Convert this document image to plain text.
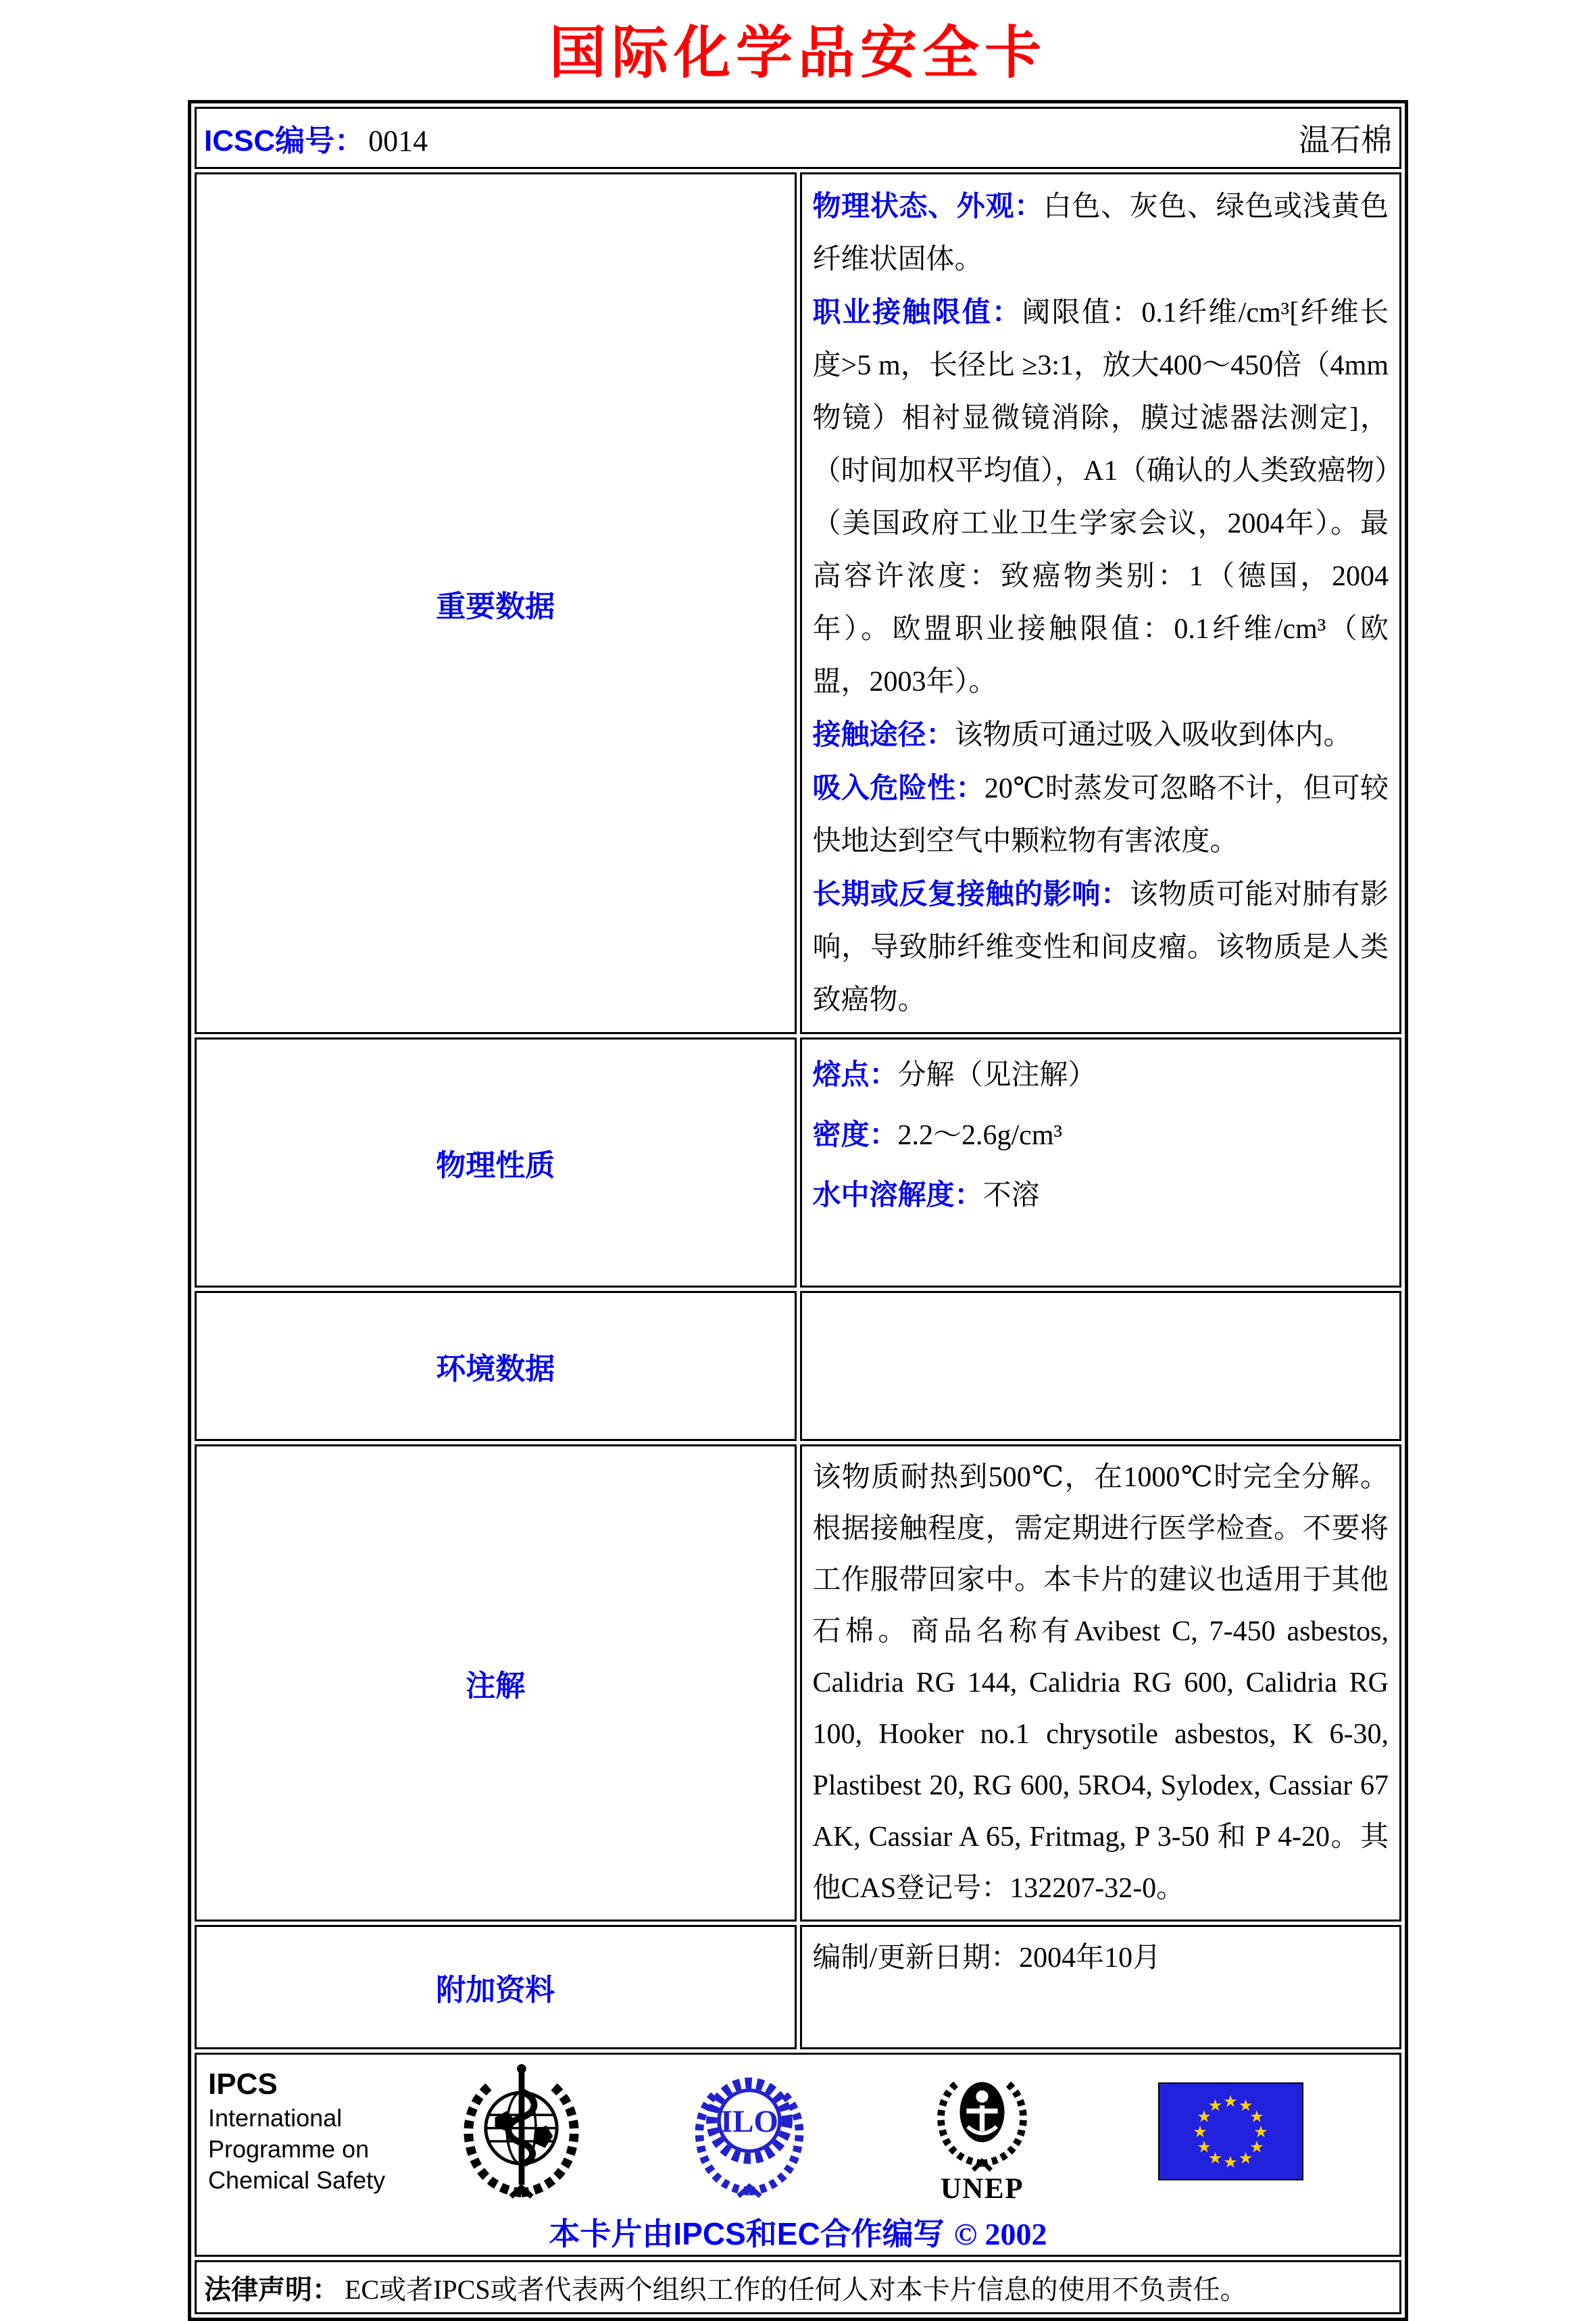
国际化学品安全卡
ICSC编号： 0014 温石棉	

重要数据	物理状态、外观：白色、灰色、绿色或浅黄色纤维状固体。

职业接触限值：阈限值：0.1纤维/cm³[纤维长度>5 m，长径比 ≥3:1，放大400～450倍（4mm物镜）相衬显微镜消除，膜过滤器法测定]，（时间加权平均值），A1（确认的人类致癌物）（美国政府工业卫生学家会议，2004年）。最高容许浓度：致癌物类别：1（德国，2004年）。欧盟职业接触限值：0.1纤维/cm³（欧盟，2003年）。

接触途径：该物质可通过吸入吸收到体内。

吸入危险性：20℃时蒸发可忽略不计，但可较快地达到空气中颗粒物有害浓度。

长期或反复接触的影响：该物质可能对肺有影响，导致肺纤维变性和间皮瘤。该物质是人类致癌物。

物理性质	熔点：分解（见注解）

密度：2.2～2.6g/cm³

水中溶解度：不溶

环境数据	

注解	该物质耐热到500℃，在1000℃时完全分解。根据接触程度，需定期进行医学检查。不要将工作服带回家中。本卡片的建议也适用于其他石棉。商品名称有Avibest C, 7-450 asbestos, Calidria RG 144, Calidria RG 600, Calidria RG 100, Hooker no.1 chrysotile asbestos, K 6-30, Plastibest 20, RG 600, 5RO4, Sylodex, Cassiar 67 AK, Cassiar A 65, Fritmag, P 3-50 和 P 4-20。其他CAS登记号：132207-32-0。

附加资料	编制/更新日期：2004年10月

IPCS
International
Programme on
Chemical Safety
ILO
UNEP
★ ★
★
★
★
★
★
★
★
★
★
★
本卡片由IPCS和EC合作编写 © 2002

法律声明： EC或者IPCS或者代表两个组织工作的任何人对本卡片信息的使用不负责任。	
